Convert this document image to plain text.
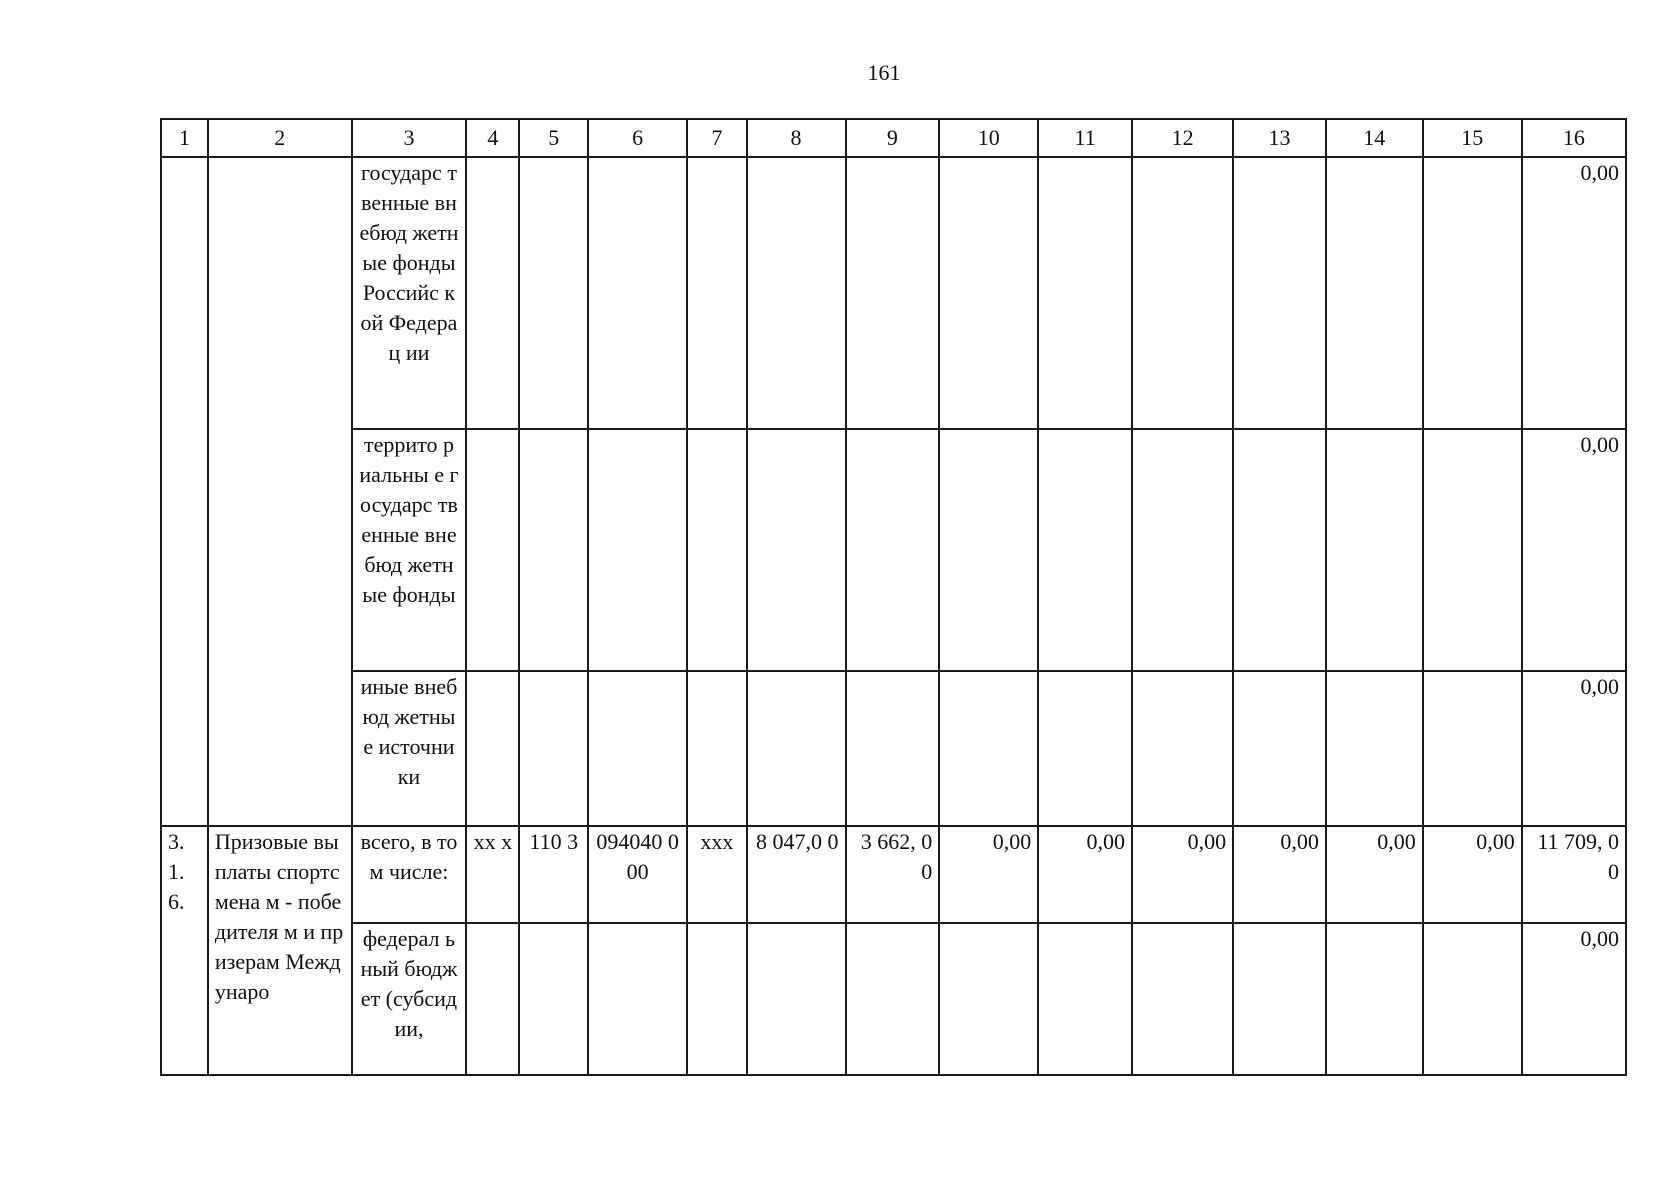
161
1	2	3	4	5	6	7	8	9	10	11	12	13	14	15	16
		государс твенные внебюд жетные фонды Российс кой Федерац ии													0,00
		террито риальны е государс твенные внебюд жетные фонды													0,00
		иные внебюд жетные источни ки													0,00
3. 1. 6.	Призовые выплаты спортсмена м - победителя м и призерам Междунаро	всего, в том числе:	хх х	110 3	094040 000	ххх	8 047,0 0	3 662, 00	0,00	0,00	0,00	0,00	0,00	0,00	11 709, 00
		федерал ьный бюджет (субсид ии,													0,00
